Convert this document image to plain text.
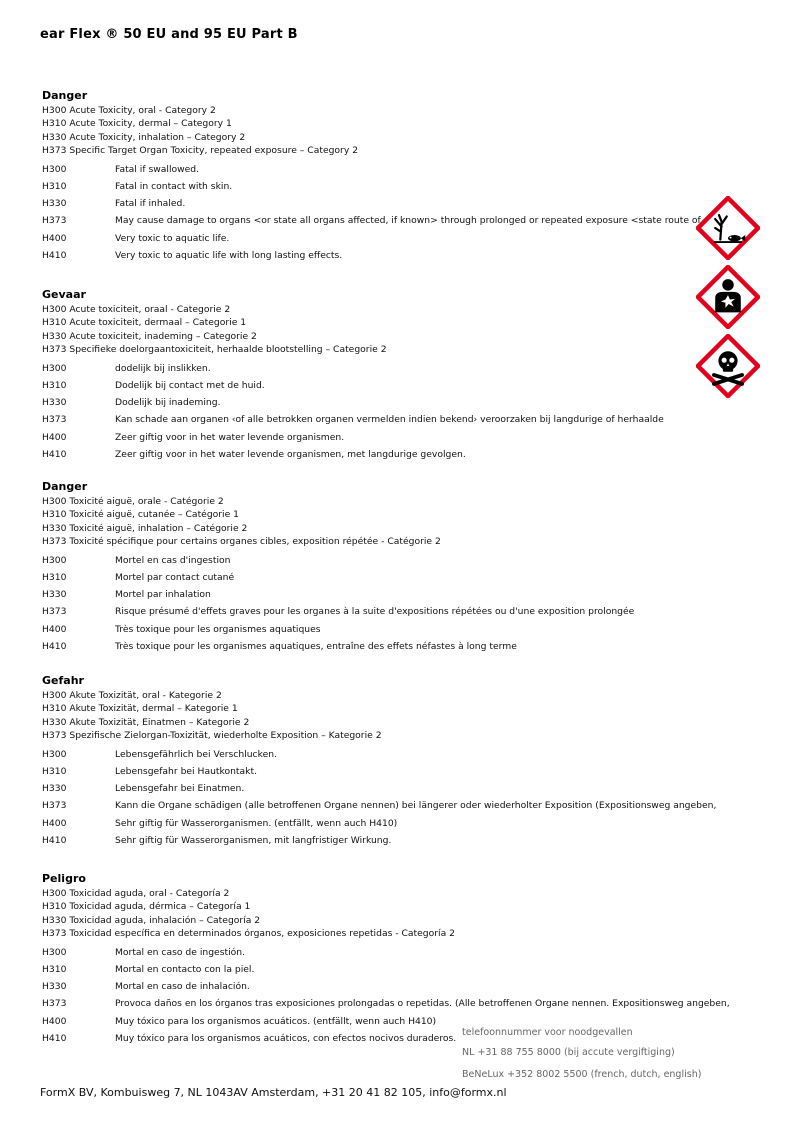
ear Flex ® 50 EU and 95 EU Part B
Danger
H300 Acute Toxicity, oral - Category 2
H310 Acute Toxicity, dermal – Category 1
H330 Acute Toxicity, inhalation – Category 2
H373 Specific Target Organ Toxicity, repeated exposure – Category 2
H300	Fatal if swallowed.
H310	Fatal in contact with skin.
H330	Fatal if inhaled.
H373	May cause damage to organs <or state all organs affected, if known> through prolonged or repeated exposure <state route of
H400	Very toxic to aquatic life.
H410	Very toxic to aquatic life with long lasting effects.
Gevaar
H300 Acute toxiciteit, oraal - Categorie 2
H310 Acute toxiciteit, dermaal – Categorie 1
H330 Acute toxiciteit, inademing – Categorie 2
H373 Specifieke doelorgaantoxiciteit, herhaalde blootstelling – Categorie 2
H300	dodelijk bij inslikken.
H310	Dodelijk bij contact met de huid.
H330	Dodelijk bij inademing.
H373	Kan schade aan organen ‹of alle betrokken organen vermelden indien bekend› veroorzaken bij langdurige of herhaalde
H400	Zeer giftig voor in het water levende organismen.
H410	Zeer giftig voor in het water levende organismen, met langdurige gevolgen.
Danger
H300 Toxicité aiguë, orale - Catégorie 2
H310 Toxicité aiguë, cutanée – Catégorie 1
H330 Toxicité aiguë, inhalation – Catégorie 2
H373 Toxicité spécifique pour certains organes cibles, exposition répétée - Catégorie 2
H300	Mortel en cas d'ingestion
H310	Mortel par contact cutané
H330	Mortel par inhalation
H373	Risque présumé d'effets graves pour les organes à la suite d'expositions répétées ou d'une exposition prolongée
H400	Très toxique pour les organismes aquatiques
H410	Très toxique pour les organismes aquatiques, entraîne des effets néfastes à long terme
Gefahr
H300 Akute Toxizität, oral - Kategorie 2
H310 Akute Toxizität, dermal – Kategorie 1
H330 Akute Toxizität, Einatmen – Kategorie 2
H373 Spezifische Zielorgan-Toxizität, wiederholte Exposition – Kategorie 2
H300	Lebensgefährlich bei Verschlucken.
H310	Lebensgefahr bei Hautkontakt.
H330	Lebensgefahr bei Einatmen.
H373	Kann die Organe schädigen (alle betroffenen Organe nennen) bei längerer oder wiederholter Exposition (Expositionsweg angeben,
H400	Sehr giftig für Wasserorganismen. (entfällt, wenn auch H410)
H410	Sehr giftig für Wasserorganismen, mit langfristiger Wirkung.
Peligro
H300 Toxicidad aguda, oral - Categoría 2
H310 Toxicidad aguda, dérmica – Categoría 1
H330 Toxicidad aguda, inhalación – Categoría 2
H373 Toxicidad específica en determinados órganos, exposiciones repetidas - Categoría 2
H300	Mortal en caso de ingestión.
H310	Mortal en contacto con la piel.
H330	Mortal en caso de inhalación.
H373	Provoca daños en los órganos tras exposiciones prolongadas o repetidas. (Alle betroffenen Organe nennen. Expositionsweg angeben,
H400	Muy tóxico para los organismos acuáticos. (entfällt, wenn auch H410)
H410	Muy tóxico para los organismos acuáticos, con efectos nocivos duraderos.
telefoonnummer voor noodgevallen
NL +31 88 755 8000 (bij accute vergiftiging)
BeNeLux +352 8002 5500 (french, dutch, english)
FormX BV, Kombuisweg 7, NL 1043AV Amsterdam, +31 20 41 82 105, info@formx.nl
